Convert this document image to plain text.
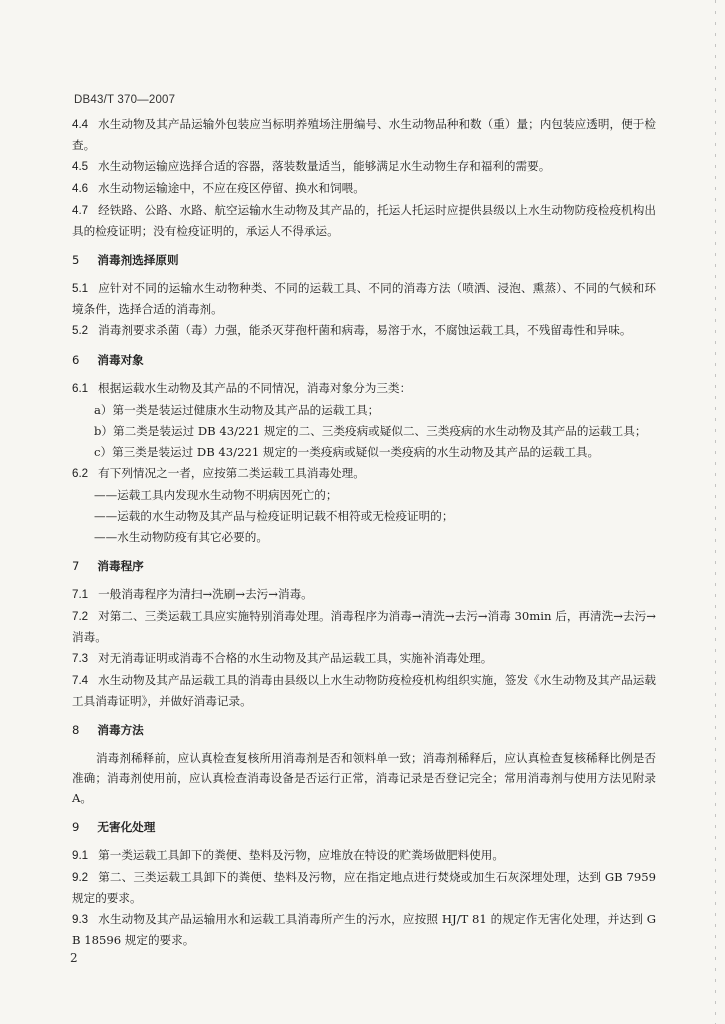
DB43/T 370—2007

4.4 水生动物及其产品运输外包装应当标明养殖场注册编号、水生动物品种和数（重）量；内包装应透明，便于检查。

4.5 水生动物运输应选择合适的容器，落装数量适当，能够满足水生动物生存和福利的需要。

4.6 水生动物运输途中，不应在疫区停留、换水和饲喂。

4.7 经铁路、公路、水路、航空运输水生动物及其产品的，托运人托运时应提供县级以上水生动物防疫检疫机构出具的检疫证明；没有检疫证明的，承运人不得承运。

5 消毒剂选择原则

5.1 应针对不同的运输水生动物种类、不同的运载工具、不同的消毒方法（喷洒、浸泡、熏蒸）、不同的气候和环境条件，选择合适的消毒剂。

5.2 消毒剂要求杀菌（毒）力强，能杀灭芽孢杆菌和病毒，易溶于水，不腐蚀运载工具，不残留毒性和异味。

6 消毒对象

6.1 根据运载水生动物及其产品的不同情况，消毒对象分为三类：

a）第一类是装运过健康水生动物及其产品的运载工具；

b）第二类是装运过 DB 43/221 规定的二、三类疫病或疑似二、三类疫病的水生动物及其产品的运载工具；

c）第三类是装运过 DB 43/221 规定的一类疫病或疑似一类疫病的水生动物及其产品的运载工具。

6.2 有下列情况之一者，应按第二类运载工具消毒处理。

——运载工具内发现水生动物不明病因死亡的；

——运载的水生动物及其产品与检疫证明记载不相符或无检疫证明的；

——水生动物防疫有其它必要的。

7 消毒程序

7.1 一般消毒程序为清扫→洗刷→去污→消毒。

7.2 对第二、三类运载工具应实施特别消毒处理。消毒程序为消毒→清洗→去污→消毒 30min 后，再清洗→去污→消毒。

7.3 对无消毒证明或消毒不合格的水生动物及其产品运载工具，实施补消毒处理。

7.4 水生动物及其产品运载工具的消毒由县级以上水生动物防疫检疫机构组织实施，签发《水生动物及其产品运载工具消毒证明》，并做好消毒记录。

8 消毒方法

消毒剂稀释前，应认真检查复核所用消毒剂是否和领料单一致；消毒剂稀释后，应认真检查复核稀释比例是否准确；消毒剂使用前，应认真检查消毒设备是否运行正常，消毒记录是否登记完全；常用消毒剂与使用方法见附录 A。

9 无害化处理

9.1 第一类运载工具卸下的粪便、垫料及污物，应堆放在特设的贮粪场做肥料使用。

9.2 第二、三类运载工具卸下的粪便、垫料及污物，应在指定地点进行焚烧或加生石灰深埋处理，达到 GB 7959 规定的要求。

9.3 水生动物及其产品运输用水和运载工具消毒所产生的污水，应按照 HJ/T 81 的规定作无害化处理，并达到 GB 18596 规定的要求。

2
